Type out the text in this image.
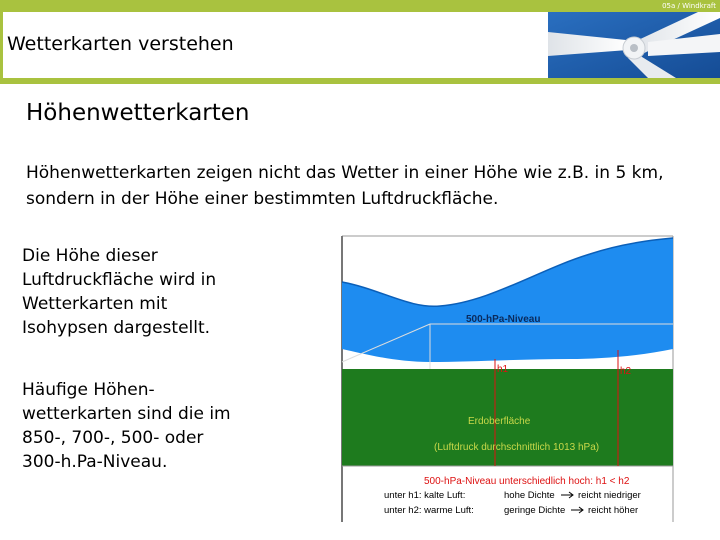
05a / Windkraft
Wetterkarten verstehen
Höhenwetterkarten
Höhenwetterkarten zeigen nicht das Wetter in einer Höhe wie z.B. in 5 km, sondern in der Höhe einer bestimmten Luftdruckfläche.
Die Höhe dieser Luftdruckfläche wird in Wetterkarten mit Isohypsen dargestellt.
Häufige Höhen-wetterkarten sind die im 850-, 700-, 500- oder 300-h.Pa-Niveau.
Auf dieser Fläche beträgt
der Luftdruck 500 hPa.
500-hPa-Niveau
h1	h2
Erdoberfläche
(Luftdruck durchschnittlich 1013 hPa)
500-hPa-Niveau unterschiedlich hoch: h1 < h2
unter h1: kalte Luft:	hohe Dichte reicht niedriger
unter h2: warme Luft:	geringe Dichte reicht höher
